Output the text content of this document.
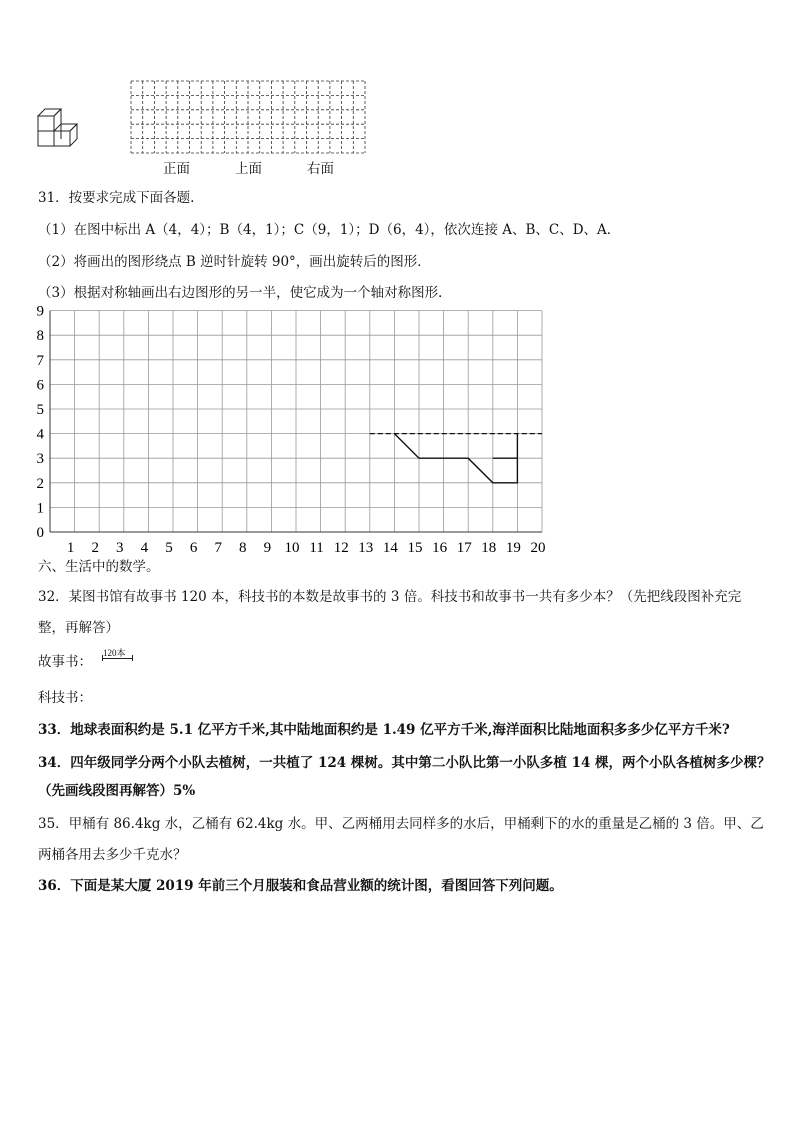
正面	上面	右面
31．按要求完成下面各题.
（1）在图中标出 A（4，4）；B（4，1）；C（9，1）；D（6，4），依次连接 A、B、C、D、A．
（2）将画出的图形绕点 B 逆时针旋转 90°，画出旋转后的图形．
（3）根据对称轴画出右边图形的另一半，使它成为一个轴对称图形．
9
8
7
6
5
4
3
2
1
0
1 2 3 4 5 6 7 8 9 10 11 12 13 14 15 16 17 18 19 20
六、生活中的数学。
32．某图书馆有故事书 120 本，科技书的本数是故事书的 3 倍。科技书和故事书一共有多少本？（先把线段图补充完
整，再解答）
故事书：
120本
科技书：
33．地球表面积约是 5.1 亿平方千米,其中陆地面积约是 1.49 亿平方千米,海洋面积比陆地面积多多少亿平方千米?
34．四年级同学分两个小队去植树，一共植了 124 棵树。其中第二小队比第一小队多植 14 棵，两个小队各植树多少棵？
（先画线段图再解答）5%
35．甲桶有 86.4kg 水，乙桶有 62.4kg 水。甲、乙两桶用去同样多的水后，甲桶剩下的水的重量是乙桶的 3 倍。甲、乙
两桶各用去多少千克水？
36．下面是某大厦 2019 年前三个月服装和食品营业额的统计图，看图回答下列问题。
